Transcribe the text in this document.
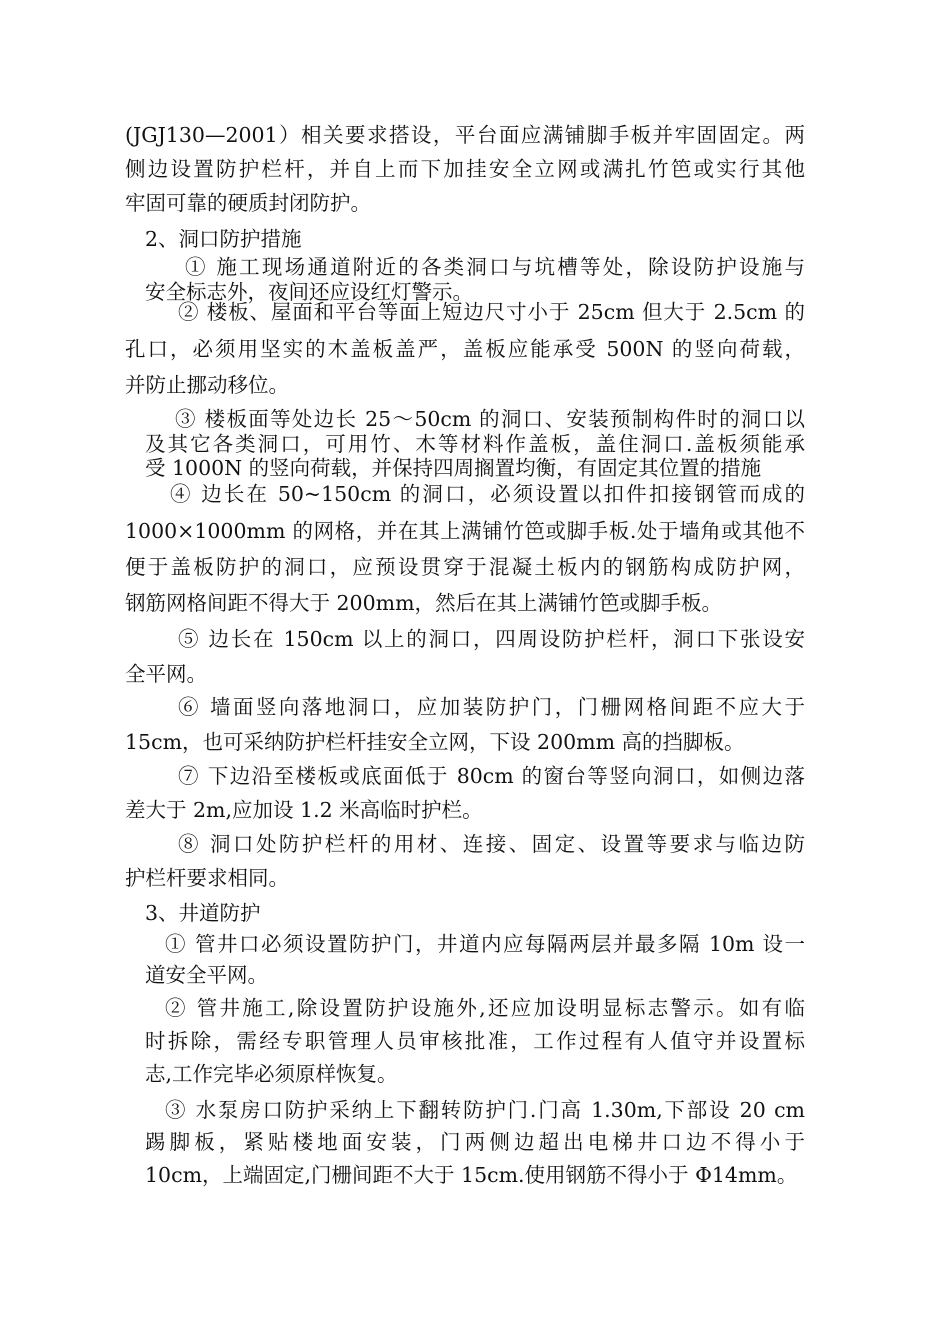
(JGJ130—2001）相关要求搭设，平台面应满铺脚手板并牢固固定。两
侧边设置防护栏杆，并自上而下加挂安全立网或满扎竹笆或实行其他
牢固可靠的硬质封闭防护。
2、洞口防护措施
① 施工现场通道附近的各类洞口与坑槽等处，除设防护设施与
安全标志外，夜间还应设红灯警示。
② 楼板、屋面和平台等面上短边尺寸小于 25cm 但大于 2.5cm 的
孔口，必须用坚实的木盖板盖严，盖板应能承受 500N 的竖向荷载，
并防止挪动移位。
③ 楼板面等处边长 25～50cm 的洞口、安装预制构件时的洞口以
及其它各类洞口，可用竹、木等材料作盖板，盖住洞口.盖板须能承
受 1000N 的竖向荷载，并保持四周搁置均衡，有固定其位置的措施
④ 边长在 50~150cm 的洞口，必须设置以扣件扣接钢管而成的
1000×1000mm 的网格，并在其上满铺竹笆或脚手板.处于墙角或其他不
便于盖板防护的洞口，应预设贯穿于混凝土板内的钢筋构成防护网，
钢筋网格间距不得大于 200mm，然后在其上满铺竹笆或脚手板。
⑤ 边长在 150cm 以上的洞口，四周设防护栏杆，洞口下张设安
全平网。
⑥ 墙面竖向落地洞口，应加装防护门，门栅网格间距不应大于
15cm，也可采纳防护栏杆挂安全立网，下设 200mm 高的挡脚板。
⑦ 下边沿至楼板或底面低于 80cm 的窗台等竖向洞口，如侧边落
差大于 2m,应加设 1.2 米高临时护栏。
⑧ 洞口处防护栏杆的用材、连接、固定、设置等要求与临边防
护栏杆要求相同。
3、井道防护
① 管井口必须设置防护门，井道内应每隔两层并最多隔 10m 设一
道安全平网。
② 管井施工,除设置防护设施外,还应加设明显标志警示。如有临
时拆除，需经专职管理人员审核批准，工作过程有人值守并设置标
志,工作完毕必须原样恢复。
③ 水泵房口防护采纳上下翻转防护门.门高 1.30m,下部设 20 cm
踢脚板，紧贴楼地面安装，门两侧边超出电梯井口边不得小于
10cm，上端固定,门栅间距不大于 15cm.使用钢筋不得小于 Φ14mm。
